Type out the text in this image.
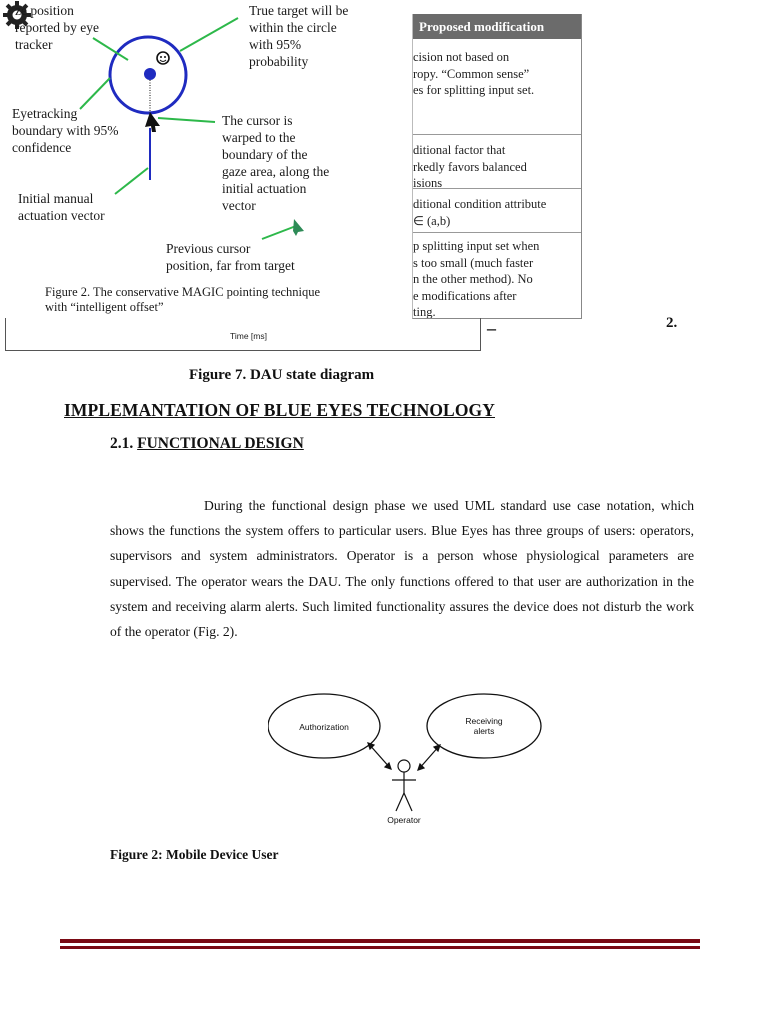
ze position
reported by eye
tracker
True target will be
within the circle
with 95%
probability
Eyetracking
boundary with 95%
confidence
The cursor is
warped to the
boundary of the
gaze area, along the
initial actuation
vector
Initial manual
actuation vector
Previous cursor
position, far from target
Figure 2. The conservative MAGIC pointing technique
with “intelligent offset”
Proposed modification
cision not based on
ropy. “Common sense”
es for splitting input set.
ditional factor that
rkedly favors balanced
isions
ditional condition attribute
∈ (a,b)
p splitting input set when
s too small (much faster
n the other method). No
e modifications after
ting.
Time [ms]	–	2.
Figure 7. DAU state diagram
IMPLEMANTATION OF BLUE EYES TECHNOLOGY
2.1. FUNCTIONAL DESIGN

During the functional design phase we used UML standard use case notation, which shows the functions the system offers to particular users. Blue Eyes has three groups of users: operators, supervisors and system administrators. Operator is a person whose physiological parameters are supervised. The operator wears the DAU. The only functions offered to that user are authorization in the system and receiving alarm alerts. Such limited functionality assures the device does not disturb the work of the operator (Fig. 2).

Authorization
Receiving
alerts
Operator
Figure 2: Mobile Device User
